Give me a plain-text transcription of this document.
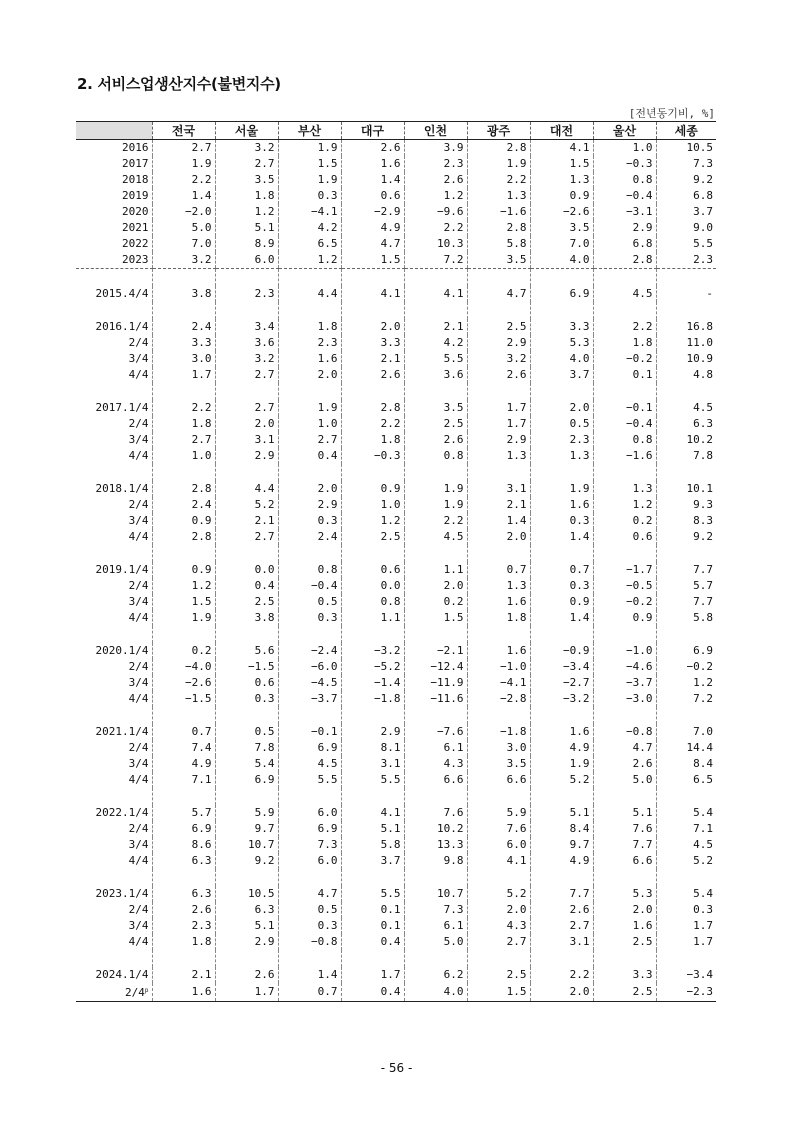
2. 서비스업생산지수(불변지수)
[전년동기비, %]
	전국	서울	부산	대구	인천	광주	대전	울산	세종
2016	2.7	3.2	1.9	2.6	3.9	2.8	4.1	1.0	10.5
2017	1.9	2.7	1.5	1.6	2.3	1.9	1.5	−0.3	7.3
2018	2.2	3.5	1.9	1.4	2.6	2.2	1.3	0.8	9.2
2019	1.4	1.8	0.3	0.6	1.2	1.3	0.9	−0.4	6.8
2020	−2.0	1.2	−4.1	−2.9	−9.6	−1.6	−2.6	−3.1	3.7
2021	5.0	5.1	4.2	4.9	2.2	2.8	3.5	2.9	9.0
2022	7.0	8.9	6.5	4.7	10.3	5.8	7.0	6.8	5.5
2023	3.2	6.0	1.2	1.5	7.2	3.5	4.0	2.8	2.3

2015.4/4	3.8	2.3	4.4	4.1	4.1	4.7	6.9	4.5	-

2016.1/4	2.4	3.4	1.8	2.0	2.1	2.5	3.3	2.2	16.8
2/4	3.3	3.6	2.3	3.3	4.2	2.9	5.3	1.8	11.0
3/4	3.0	3.2	1.6	2.1	5.5	3.2	4.0	−0.2	10.9
4/4	1.7	2.7	2.0	2.6	3.6	2.6	3.7	0.1	4.8

2017.1/4	2.2	2.7	1.9	2.8	3.5	1.7	2.0	−0.1	4.5
2/4	1.8	2.0	1.0	2.2	2.5	1.7	0.5	−0.4	6.3
3/4	2.7	3.1	2.7	1.8	2.6	2.9	2.3	0.8	10.2
4/4	1.0	2.9	0.4	−0.3	0.8	1.3	1.3	−1.6	7.8

2018.1/4	2.8	4.4	2.0	0.9	1.9	3.1	1.9	1.3	10.1
2/4	2.4	5.2	2.9	1.0	1.9	2.1	1.6	1.2	9.3
3/4	0.9	2.1	0.3	1.2	2.2	1.4	0.3	0.2	8.3
4/4	2.8	2.7	2.4	2.5	4.5	2.0	1.4	0.6	9.2

2019.1/4	0.9	0.0	0.8	0.6	1.1	0.7	0.7	−1.7	7.7
2/4	1.2	0.4	−0.4	0.0	2.0	1.3	0.3	−0.5	5.7
3/4	1.5	2.5	0.5	0.8	0.2	1.6	0.9	−0.2	7.7
4/4	1.9	3.8	0.3	1.1	1.5	1.8	1.4	0.9	5.8

2020.1/4	0.2	5.6	−2.4	−3.2	−2.1	1.6	−0.9	−1.0	6.9
2/4	−4.0	−1.5	−6.0	−5.2	−12.4	−1.0	−3.4	−4.6	−0.2
3/4	−2.6	0.6	−4.5	−1.4	−11.9	−4.1	−2.7	−3.7	1.2
4/4	−1.5	0.3	−3.7	−1.8	−11.6	−2.8	−3.2	−3.0	7.2

2021.1/4	0.7	0.5	−0.1	2.9	−7.6	−1.8	1.6	−0.8	7.0
2/4	7.4	7.8	6.9	8.1	6.1	3.0	4.9	4.7	14.4
3/4	4.9	5.4	4.5	3.1	4.3	3.5	1.9	2.6	8.4
4/4	7.1	6.9	5.5	5.5	6.6	6.6	5.2	5.0	6.5

2022.1/4	5.7	5.9	6.0	4.1	7.6	5.9	5.1	5.1	5.4
2/4	6.9	9.7	6.9	5.1	10.2	7.6	8.4	7.6	7.1
3/4	8.6	10.7	7.3	5.8	13.3	6.0	9.7	7.7	4.5
4/4	6.3	9.2	6.0	3.7	9.8	4.1	4.9	6.6	5.2

2023.1/4	6.3	10.5	4.7	5.5	10.7	5.2	7.7	5.3	5.4
2/4	2.6	6.3	0.5	0.1	7.3	2.0	2.6	2.0	0.3
3/4	2.3	5.1	0.3	0.1	6.1	4.3	2.7	1.6	1.7
4/4	1.8	2.9	−0.8	0.4	5.0	2.7	3.1	2.5	1.7

2024.1/4	2.1	2.6	1.4	1.7	6.2	2.5	2.2	3.3	−3.4
2/4$^p$	1.6	1.7	0.7	0.4	4.0	1.5	2.0	2.5	−2.3
- 56 -
